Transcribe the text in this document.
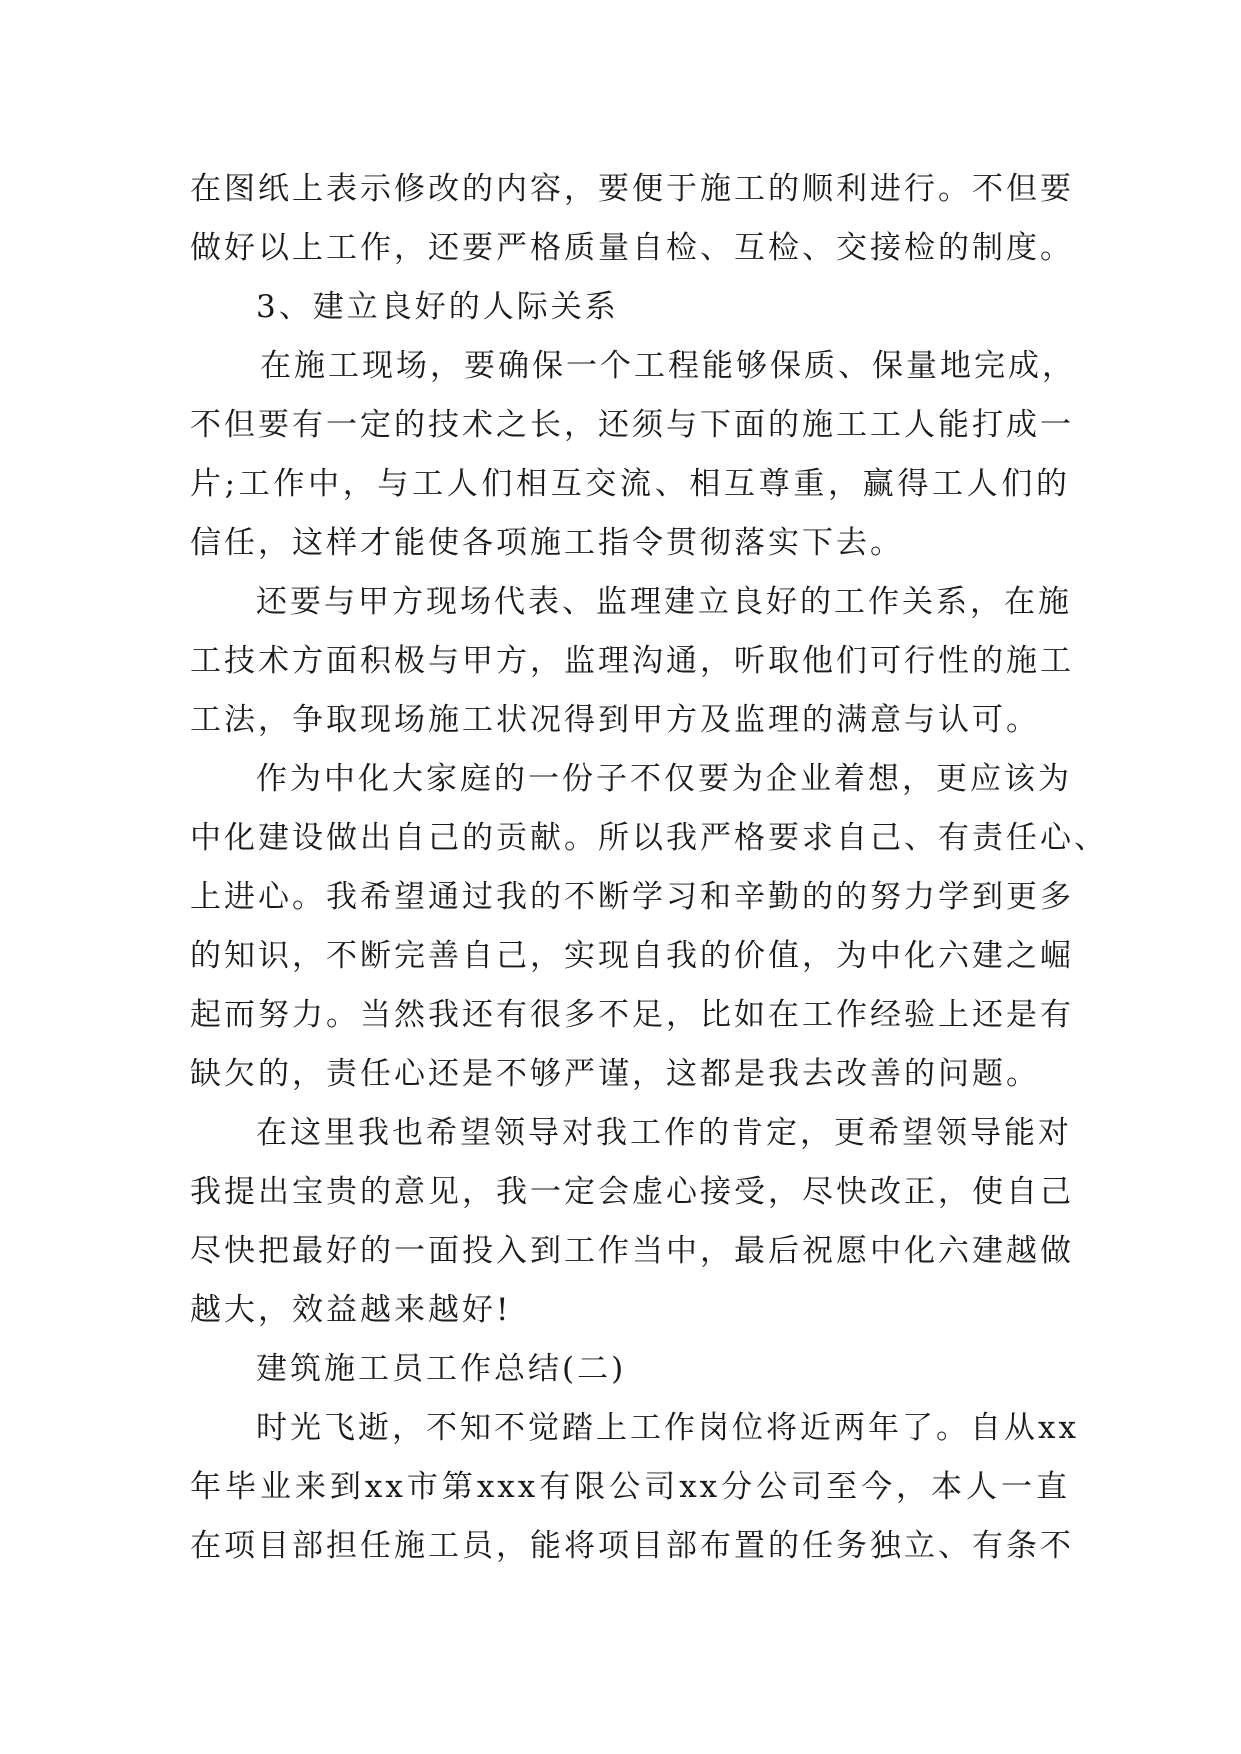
在图纸上表示修改的内容，要便于施工的顺利进行。不但要
做好以上工作，还要严格质量自检、互检、交接检的制度。
3、建立良好的人际关系
在施工现场，要确保一个工程能够保质、保量地完成，
不但要有一定的技术之长，还须与下面的施工工人能打成一
片;工作中，与工人们相互交流、相互尊重，赢得工人们的
信任，这样才能使各项施工指令贯彻落实下去。
还要与甲方现场代表、监理建立良好的工作关系，在施
工技术方面积极与甲方，监理沟通，听取他们可行性的施工
工法，争取现场施工状况得到甲方及监理的满意与认可。
作为中化大家庭的一份子不仅要为企业着想，更应该为
中化建设做出自己的贡献。所以我严格要求自己、有责任心、
上进心。我希望通过我的不断学习和辛勤的的努力学到更多
的知识，不断完善自己，实现自我的价值，为中化六建之崛
起而努力。当然我还有很多不足，比如在工作经验上还是有
缺欠的，责任心还是不够严谨，这都是我去改善的问题。
在这里我也希望领导对我工作的肯定，更希望领导能对
我提出宝贵的意见，我一定会虚心接受，尽快改正，使自己
尽快把最好的一面投入到工作当中，最后祝愿中化六建越做
越大，效益越来越好!
建筑施工员工作总结(二)
时光飞逝，不知不觉踏上工作岗位将近两年了。自从xx
年毕业来到xx市第xxx有限公司xx分公司至今，本人一直
在项目部担任施工员，能将项目部布置的任务独立、有条不
